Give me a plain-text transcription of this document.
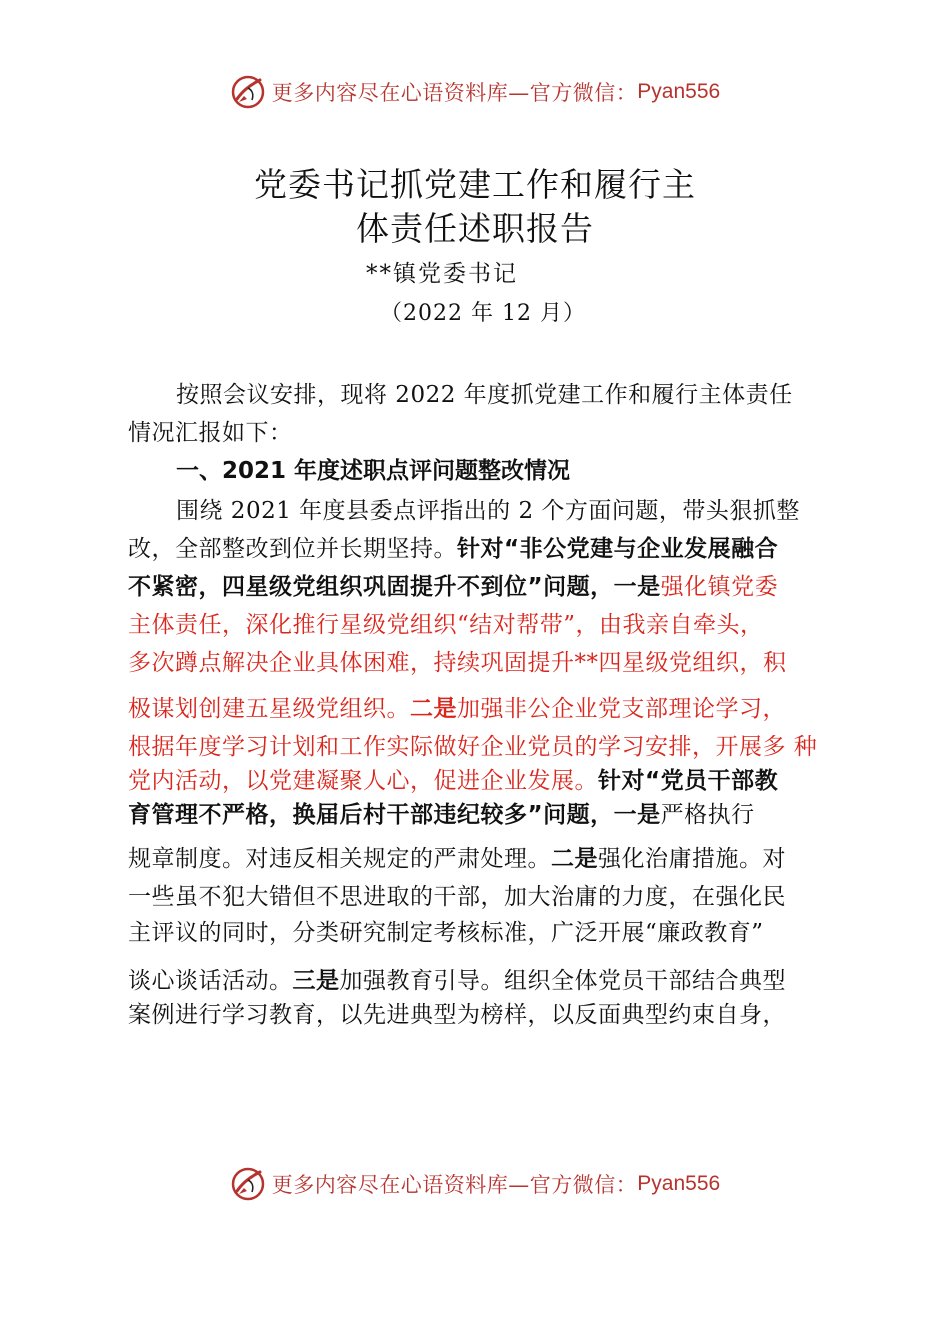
更多内容尽在心语资料库—官方微信： Pyan556
党委书记抓党建工作和履行主
体责任述职报告
**镇党委书记
（2022 年 12 月）
按照会议安排，现将 2022 年度抓党建工作和履行主体责任
情况汇报如下：
一、2021 年度述职点评问题整改情况
围绕 2021 年度县委点评指出的 2 个方面问题，带头狠抓整
改，全部整改到位并长期坚持。针对“非公党建与企业发展融合
不紧密，四星级党组织巩固提升不到位”问题，一是强化镇党委
主体责任，深化推行星级党组织“结对帮带”，由我亲自牵头，
多次蹲点解决企业具体困难，持续巩固提升**四星级党组织，积
极谋划创建五星级党组织。二是加强非公企业党支部理论学习，
根据年度学习计划和工作实际做好企业党员的学习安排，开展多 种
党内活动，以党建凝聚人心，促进企业发展。针对“党员干部教
育管理不严格，换届后村干部违纪较多”问题，一是严格执行
规章制度。对违反相关规定的严肃处理。二是强化治庸措施。对
一些虽不犯大错但不思进取的干部，加大治庸的力度，在强化民
主评议的同时，分类研究制定考核标准，广泛开展“廉政教育”
谈心谈话活动。三是加强教育引导。组织全体党员干部结合典型
案例进行学习教育，以先进典型为榜样，以反面典型约束自身，
更多内容尽在心语资料库—官方微信： Pyan556
